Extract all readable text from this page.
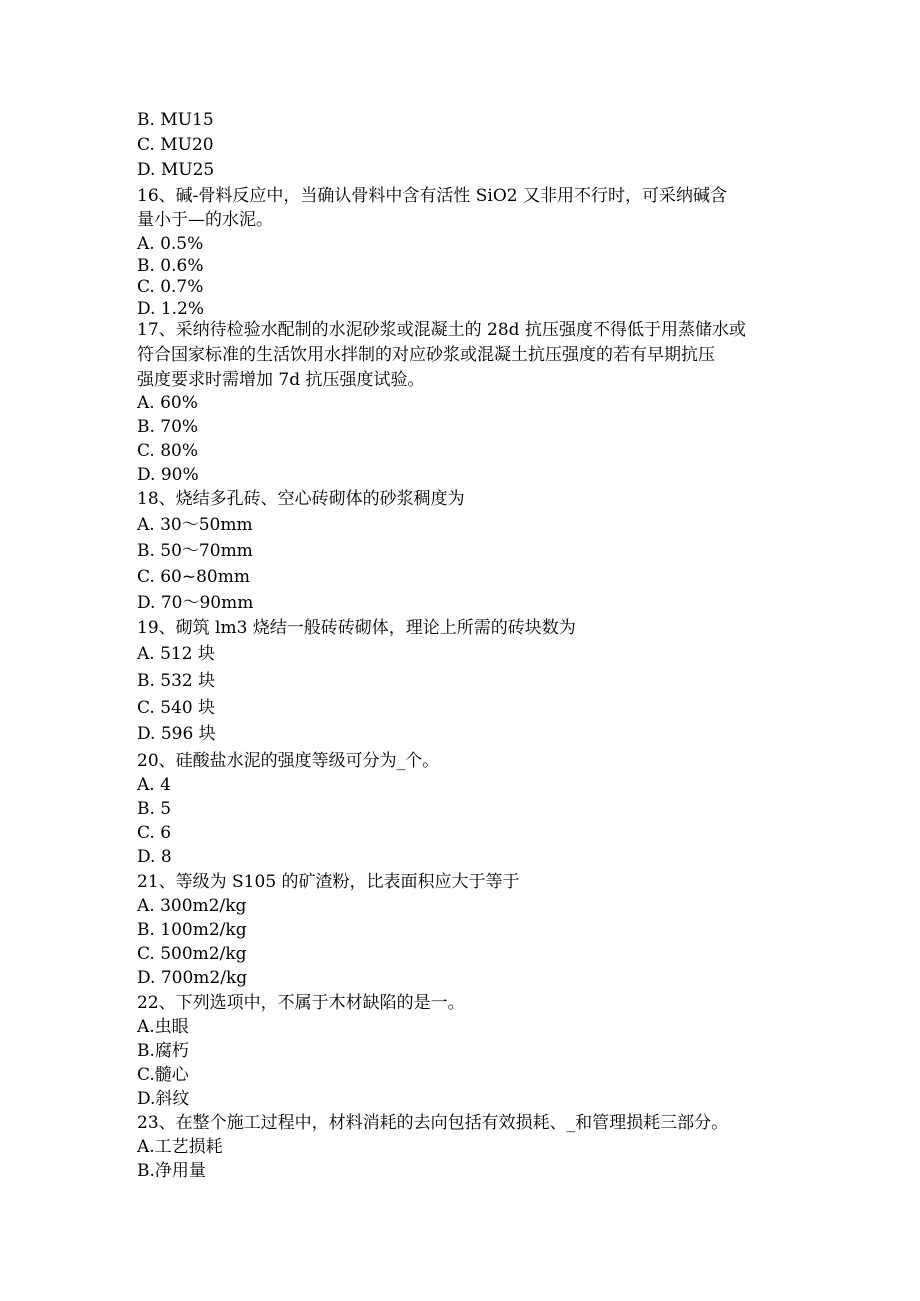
B. MU15
C. MU20
D. MU25
16、碱-骨料反应中，当确认骨料中含有活性 SiO2 又非用不行时，可采纳碱含
量小于—的水泥。
A. 0.5%
B. 0.6%
C. 0.7%
D. 1.2%
17、采纳待检验水配制的水泥砂浆或混凝土的 28d 抗压强度不得低于用蒸储水或
符合国家标准的生活饮用水拌制的对应砂浆或混凝土抗压强度的若有早期抗压
强度要求时需增加 7d 抗压强度试验。
A. 60%
B. 70%
C. 80%
D. 90%
18、烧结多孔砖、空心砖砌体的砂浆稠度为
A. 30～50mm
B. 50～70mm
C. 60~80mm
D. 70～90mm
19、砌筑 lm3 烧结一般砖砖砌体，理论上所需的砖块数为
A. 512 块
B. 532 块
C. 540 块
D. 596 块
20、硅酸盐水泥的强度等级可分为_个。
A. 4
B. 5
C. 6
D. 8
21、等级为 S105 的矿渣粉，比表面积应大于等于
A. 300m2/kg
B. 100m2/kg
C. 500m2/kg
D. 700m2/kg
22、下列选项中，不属于木材缺陷的是一。
A.虫眼
B.腐朽
C.髓心
D.斜纹
23、在整个施工过程中，材料消耗的去向包括有效损耗、_和管理损耗三部分。
A.工艺损耗
B.净用量
